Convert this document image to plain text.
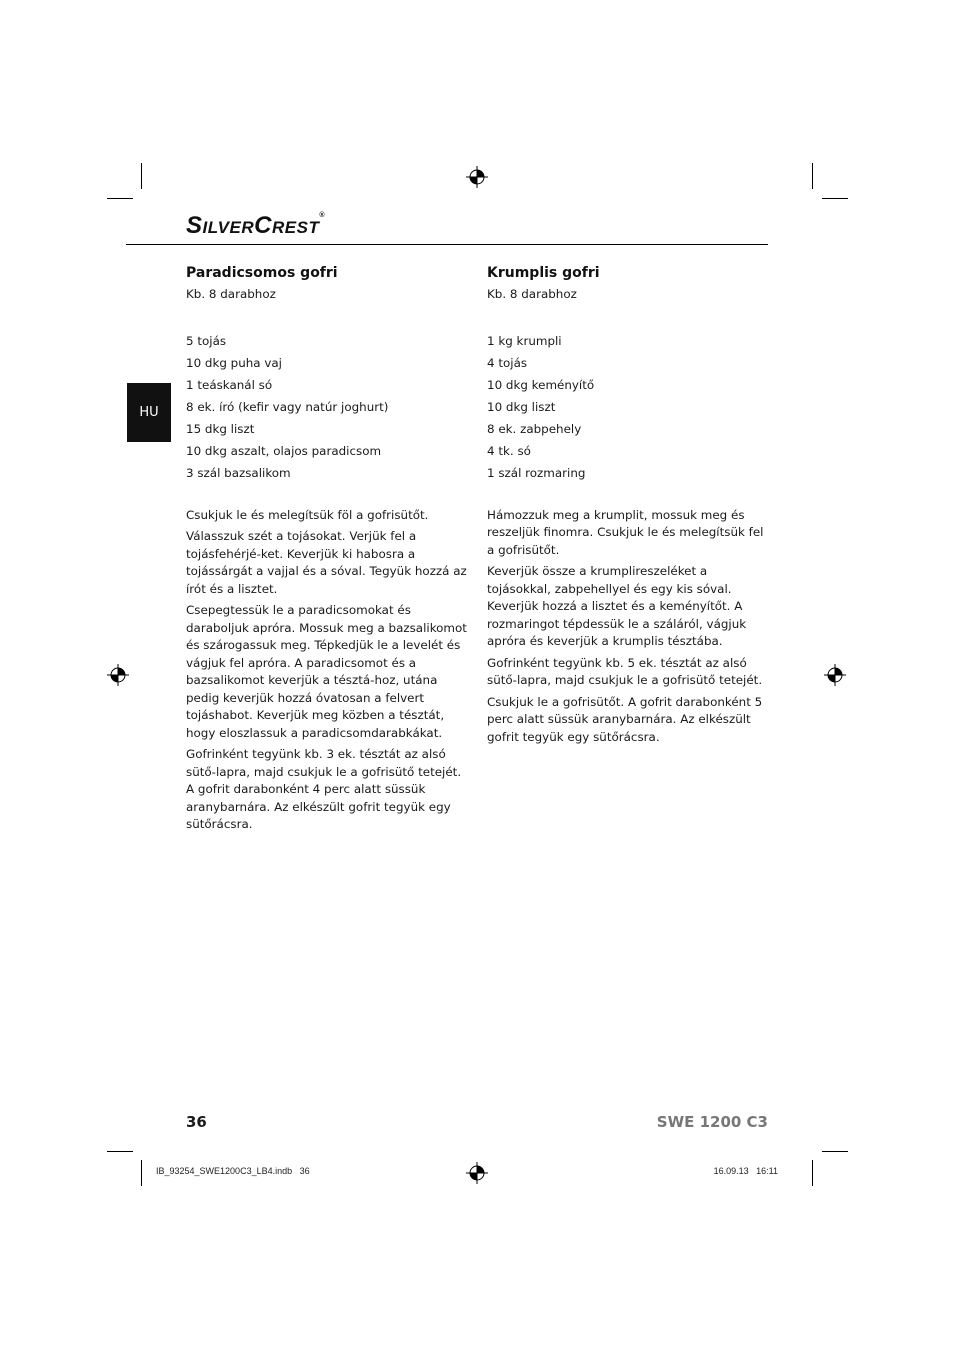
SILVERCREST®
HU
Paradicsomos gofri

Kb. 8 darabhoz

5 tojás
10 dkg puha vaj
1 teáskanál só
8 ek. író (kefir vagy natúr joghurt)
15 dkg liszt
10 dkg aszalt, olajos paradicsom
3 szál bazsalikom

Csukjuk le és melegítsük föl a gofrisütőt.

Válasszuk szét a tojásokat. Verjük fel a tojásfehérjé-ket. Keverjük ki habosra a tojássárgát a vajjal és a sóval. Tegyük hozzá az írót és a lisztet.

Csepegtessük le a paradicsomokat és daraboljuk apróra. Mossuk meg a bazsalikomot és szárogassuk meg. Tépkedjük le a levelét és vágjuk fel apróra. A paradicsomot és a bazsalikomot keverjük a tésztá-hoz, utána pedig keverjük hozzá óvatosan a felvert tojáshabot. Keverjük meg közben a tésztát, hogy eloszlassuk a paradicsomdarabkákat.

Gofrinként tegyünk kb. 3 ek. tésztát az alsó sütő-lapra, majd csukjuk le a gofrisütő tetejét. A gofrit darabonként 4 perc alatt süssük aranybarnára. Az elkészült gofrit tegyük egy sütőrácsra.

Krumplis gofri

Kb. 8 darabhoz

1 kg krumpli
4 tojás
10 dkg keményítő
10 dkg liszt
8 ek. zabpehely
4 tk. só
1 szál rozmaring

Hámozzuk meg a krumplit, mossuk meg és reszeljük finomra. Csukjuk le és melegítsük fel a gofrisütőt.

Keverjük össze a krumplireszeléket a tojásokkal, zabpehellyel és egy kis sóval. Keverjük hozzá a lisztet és a keményítőt. A rozmaringot tépdessük le a száláról, vágjuk apróra és keverjük a krumplis tésztába.

Gofrinként tegyünk kb. 5 ek. tésztát az alsó sütő-lapra, majd csukjuk le a gofrisütő tetejét.

Csukjuk le a gofrisütőt. A gofrit darabonként 5 perc alatt süssük aranybarnára. Az elkészült gofrit tegyük egy sütőrácsra.

36	SWE 1200 C3
IB_93254_SWE1200C3_LB4.indb   36	16.09.13   16:11
